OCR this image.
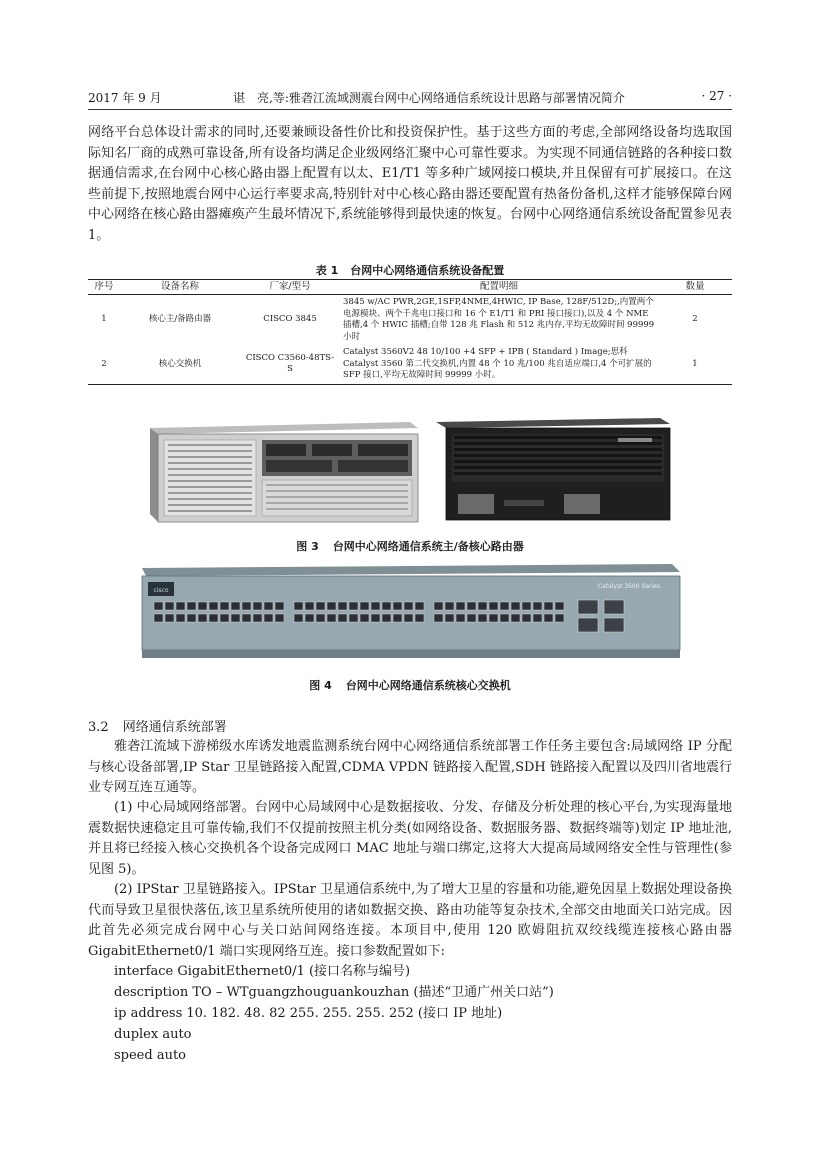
2017 年 9 月	谌　亮,等:雅砻江流域测震台网中心网络通信系统设计思路与部署情况简介	· 27 ·
网络平台总体设计需求的同时,还要兼顾设备性价比和投资保护性。基于这些方面的考虑,全部网络设备均选取国际知名厂商的成熟可靠设备,所有设备均满足企业级网络汇聚中心可靠性要求。为实现不同通信链路的各种接口数据通信需求,在台网中心核心路由器上配置有以太、E1/T1 等多种广域网接口模块,并且保留有可扩展接口。在这些前提下,按照地震台网中心运行率要求高,特别针对中心核心路由器还要配置有热备份备机,这样才能够保障台网中心网络在核心路由器瘫痪产生最坏情况下,系统能够得到最快速的恢复。台网中心网络通信系统设备配置参见表 1。
表 1 台网中心网络通信系统设备配置
序号	设备名称	厂家/型号	配置明细	数量
1	核心主/备路由器	CISCO 3845	3845 w/AC PWR,2GE,1SFP,4NME,4HWIC, IP Base, 128F/512D;,内置两个电源模块、两个千兆电口接口和 16 个 E1/T1 和 PRI 接口接口),以及 4 个 NME 插槽,4 个 HWIC 插槽;自带 128 兆 Flash 和 512 兆内存,平均无故障时间 99999 小时	2
2	核心交换机	CISCO C3560-48TS-S	Catalyst 3560V2 48 10/100 +4 SFP + IPB ( Standard ) Image;思科 Catalyst 3560 第二代交换机,内置 48 个 10 兆/100 兆自适应端口,4 个可扩展的 SFP 接口,平均无故障时间 99999 小时。	1
图 3 台网中心网络通信系统主/备核心路由器
cisco
Catalyst 3560 Series
图 4 台网中心网络通信系统核心交换机
3.2 网络通信系统部署
雅砻江流域下游梯级水库诱发地震监测系统台网中心网络通信系统部署工作任务主要包含:局域网络 IP 分配与核心设备部署,IP Star 卫星链路接入配置,CDMA VPDN 链路接入配置,SDH 链路接入配置以及四川省地震行业专网互连互通等。
(1) 中心局域网络部署。台网中心局域网中心是数据接收、分发、存储及分析处理的核心平台,为实现海量地震数据快速稳定且可靠传输,我们不仅提前按照主机分类(如网络设备、数据服务器、数据终端等)划定 IP 地址池,并且将已经接入核心交换机各个设备完成网口 MAC 地址与端口绑定,这将大大提高局域网络安全性与管理性(参见图 5)。
(2) IPStar 卫星链路接入。IPStar 卫星通信系统中,为了增大卫星的容量和功能,避免因星上数据处理设备换代而导致卫星很快落伍,该卫星系统所使用的诸如数据交换、路由功能等复杂技术,全部交由地面关口站完成。因此首先必须完成台网中心与关口站间网络连接。本项目中,使用 120 欧姆阻抗双绞线缆连接核心路由器 GigabitEthernet0/1 端口实现网络互连。接口参数配置如下:
interface GigabitEthernet0/1 (接口名称与编号)
description TO – WTguangzhouguankouzhan (描述“卫通广州关口站”)
ip address 10. 182. 48. 82 255. 255. 255. 252 (接口 IP 地址)
duplex auto
speed auto
